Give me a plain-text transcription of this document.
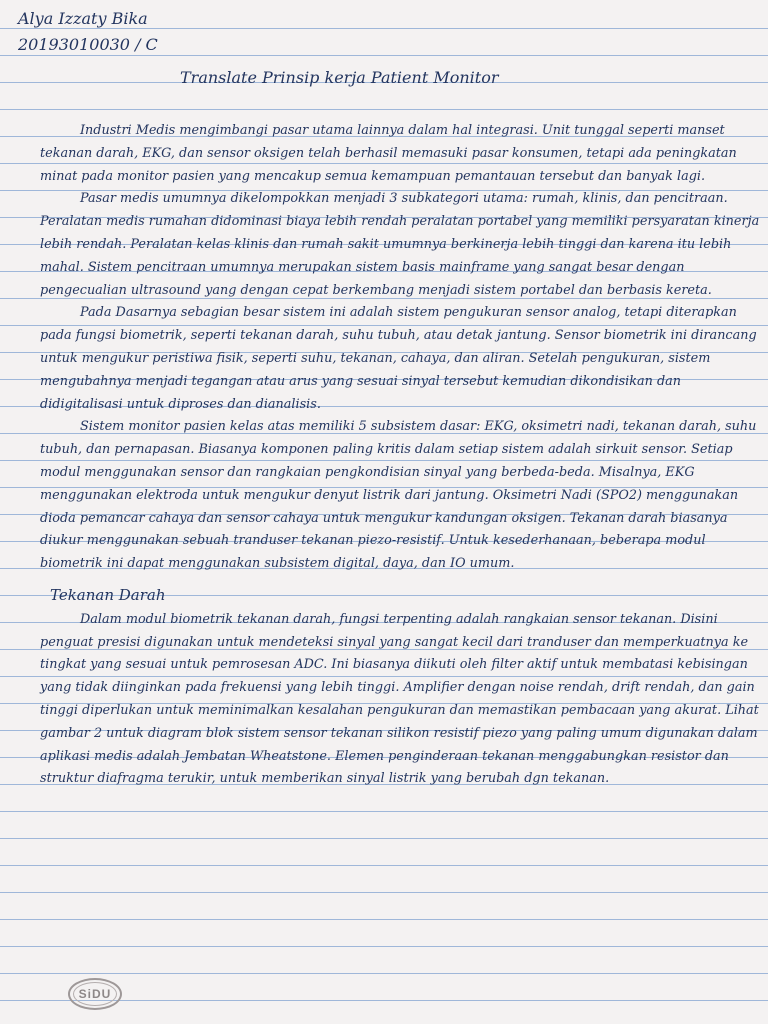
Alya Izzaty Bika
20193010030 / C
Translate Prinsip kerja Patient Monitor

Industri Medis mengimbangi pasar utama lainnya dalam hal integrasi. Unit tunggal seperti manset tekanan darah, EKG, dan sensor oksigen telah berhasil memasuki pasar konsumen, tetapi ada peningkatan minat pada monitor pasien yang mencakup semua kemampuan pemantauan tersebut dan banyak lagi.

Pasar medis umumnya dikelompokkan menjadi 3 subkategori utama: rumah, klinis, dan pencitraan. Peralatan medis rumahan didominasi biaya lebih rendah peralatan portabel yang memiliki persyaratan kinerja lebih rendah. Peralatan kelas klinis dan rumah sakit umumnya berkinerja lebih tinggi dan karena itu lebih mahal. Sistem pencitraan umumnya merupakan sistem basis mainframe yang sangat besar dengan pengecualian ultrasound yang dengan cepat berkembang menjadi sistem portabel dan berbasis kereta.

Pada Dasarnya sebagian besar sistem ini adalah sistem pengukuran sensor analog, tetapi diterapkan pada fungsi biometrik, seperti tekanan darah, suhu tubuh, atau detak jantung. Sensor biometrik ini dirancang untuk mengukur peristiwa fisik, seperti suhu, tekanan, cahaya, dan aliran. Setelah pengukuran, sistem mengubahnya menjadi tegangan atau arus yang sesuai sinyal tersebut kemudian dikondisikan dan didigitalisasi untuk diproses dan dianalisis.

Sistem monitor pasien kelas atas memiliki 5 subsistem dasar: EKG, oksimetri nadi, tekanan darah, suhu tubuh, dan pernapasan. Biasanya komponen paling kritis dalam setiap sistem adalah sirkuit sensor. Setiap modul menggunakan sensor dan rangkaian pengkondisian sinyal yang berbeda-beda. Misalnya, EKG menggunakan elektroda untuk mengukur denyut listrik dari jantung. Oksimetri Nadi (SPO2) menggunakan dioda pemancar cahaya dan sensor cahaya untuk mengukur kandungan oksigen. Tekanan darah biasanya diukur menggunakan sebuah tranduser tekanan piezo-resistif. Untuk kesederhanaan, beberapa modul biometrik ini dapat menggunakan subsistem digital, daya, dan IO umum.

Tekanan Darah

Dalam modul biometrik tekanan darah, fungsi terpenting adalah rangkaian sensor tekanan. Disini penguat presisi digunakan untuk mendeteksi sinyal yang sangat kecil dari tranduser dan memperkuatnya ke tingkat yang sesuai untuk pemrosesan ADC. Ini biasanya diikuti oleh filter aktif untuk membatasi kebisingan yang tidak diinginkan pada frekuensi yang lebih tinggi. Amplifier dengan noise rendah, drift rendah, dan gain tinggi diperlukan untuk meminimalkan kesalahan pengukuran dan memastikan pembacaan yang akurat. Lihat gambar 2 untuk diagram blok sistem sensor tekanan silikon resistif piezo yang paling umum digunakan dalam aplikasi medis adalah Jembatan Wheatstone. Elemen penginderaan tekanan menggabungkan resistor dan struktur diafragma terukir, untuk memberikan sinyal listrik yang berubah dgn tekanan.

SiDU
